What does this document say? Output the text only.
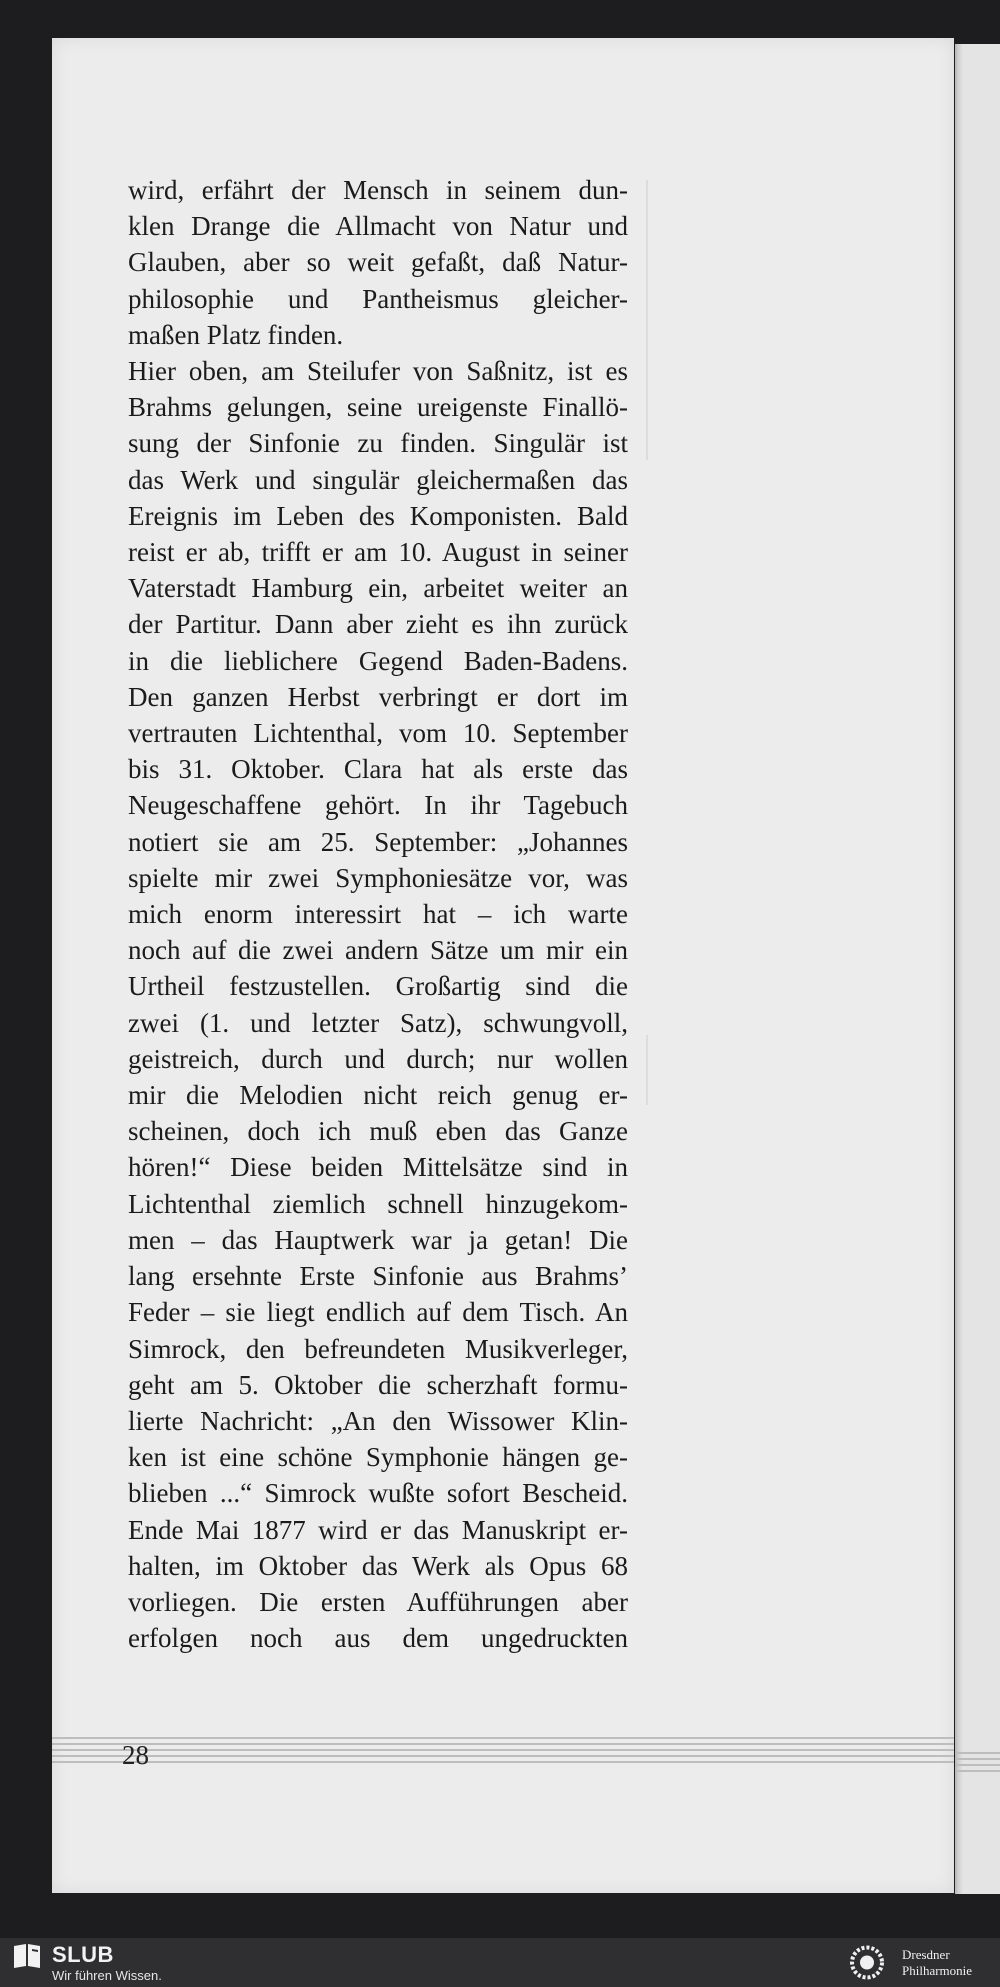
wird, erfährt der Mensch in seinem dun-
klen Drange die Allmacht von Natur und
Glauben, aber so weit gefaßt, daß Natur-
philosophie und Pantheismus gleicher-
maßen Platz finden.
Hier oben, am Steilufer von Saßnitz, ist es
Brahms gelungen, seine ureigenste Finallö-
sung der Sinfonie zu finden. Singulär ist
das Werk und singulär gleichermaßen das
Ereignis im Leben des Komponisten. Bald
reist er ab, trifft er am 10. August in seiner
Vaterstadt Hamburg ein, arbeitet weiter an
der Partitur. Dann aber zieht es ihn zurück
in die lieblichere Gegend Baden-Badens.
Den ganzen Herbst verbringt er dort im
vertrauten Lichtenthal, vom 10. September
bis 31. Oktober. Clara hat als erste das
Neugeschaffene gehört. In ihr Tagebuch
notiert sie am 25. September: „Johannes
spielte mir zwei Symphoniesätze vor, was
mich enorm interessirt hat – ich warte
noch auf die zwei andern Sätze um mir ein
Urtheil festzustellen. Großartig sind die
zwei (1. und letzter Satz), schwungvoll,
geistreich, durch und durch; nur wollen
mir die Melodien nicht reich genug er-
scheinen, doch ich muß eben das Ganze
hören!“ Diese beiden Mittelsätze sind in
Lichtenthal ziemlich schnell hinzugekom-
men – das Hauptwerk war ja getan! Die
lang ersehnte Erste Sinfonie aus Brahms’
Feder – sie liegt endlich auf dem Tisch. An
Simrock, den befreundeten Musikverleger,
geht am 5. Oktober die scherzhaft formu-
lierte Nachricht: „An den Wissower Klin-
ken ist eine schöne Symphonie hängen ge-
blieben ...“ Simrock wußte sofort Bescheid.
Ende Mai 1877 wird er das Manuskript er-
halten, im Oktober das Werk als Opus 68
vorliegen. Die ersten Aufführungen aber
erfolgen noch aus dem ungedruckten
28
SLUB
Wir führen Wissen.
Dresdner
Philharmonie
